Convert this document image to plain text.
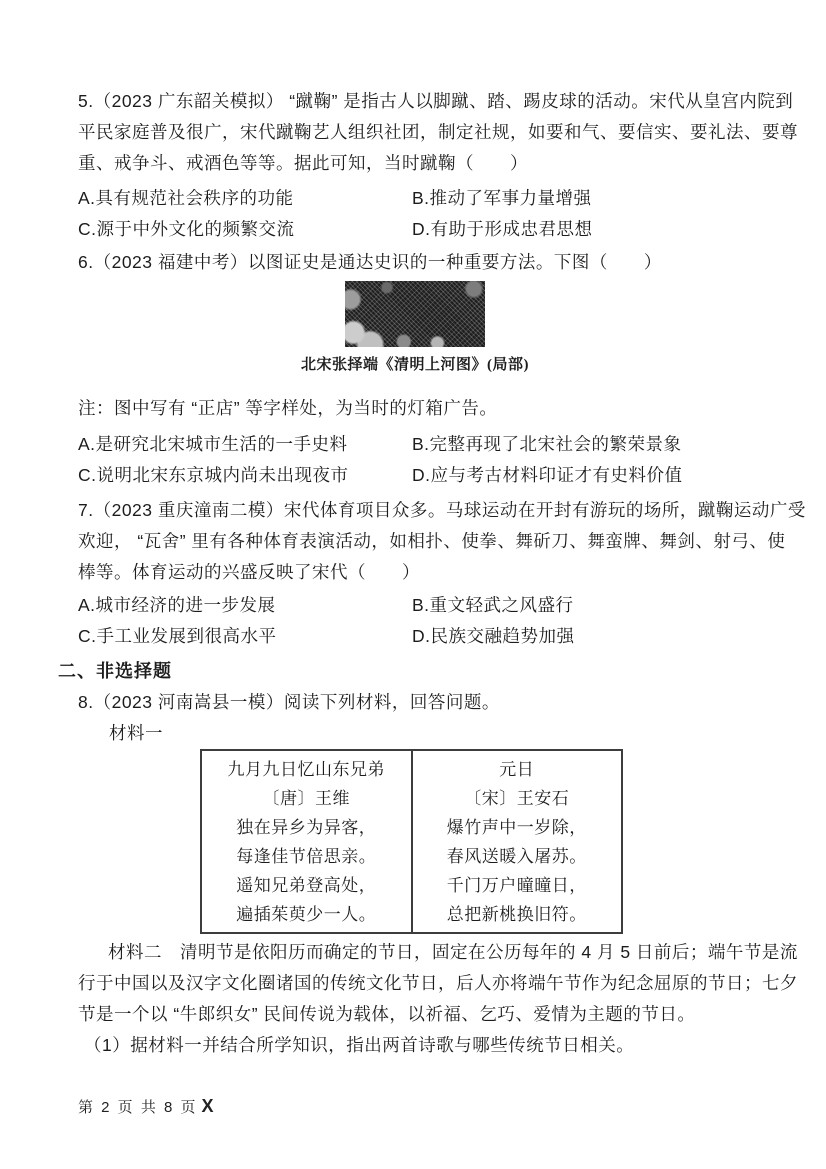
5.（2023 广东韶关模拟） “蹴鞠” 是指古人以脚蹴、踏、踢皮球的活动。宋代从皇宫内院到
平民家庭普及很广，宋代蹴鞠艺人组织社团，制定社规，如要和气、要信实、要礼法、要尊
重、戒争斗、戒酒色等等。据此可知，当时蹴鞠（　　）
A.具有规范社会秩序的功能	B.推动了军事力量增强
C.源于中外文化的频繁交流	D.有助于形成忠君思想
6.（2023 福建中考）以图证史是通达史识的一种重要方法。下图（　　）
北宋张择端《清明上河图》(局部)
注：图中写有 “正店” 等字样处，为当时的灯箱广告。
A.是研究北宋城市生活的一手史料	B.完整再现了北宋社会的繁荣景象
C.说明北宋东京城内尚未出现夜市	D.应与考古材料印证才有史料价值
7.（2023 重庆潼南二模）宋代体育项目众多。马球运动在开封有游玩的场所，蹴鞠运动广受
欢迎， “瓦舍” 里有各种体育表演活动，如相扑、使拳、舞斫刀、舞蛮牌、舞剑、射弓、使
棒等。体育运动的兴盛反映了宋代（　　）
A.城市经济的进一步发展	B.重文轻武之风盛行
C.手工业发展到很高水平	D.民族交融趋势加强
二、非选择题
8.（2023 河南嵩县一模）阅读下列材料，回答问题。
材料一
九月九日忆山东兄弟
〔唐〕王维
独在异乡为异客，
每逢佳节倍思亲。
遥知兄弟登高处，
遍插茱萸少一人。

元日
〔宋〕王安石
爆竹声中一岁除，
春风送暖入屠苏。
千门万户曈曈日，
总把新桃换旧符。
材料二　清明节是依阳历而确定的节日，固定在公历每年的 4 月 5 日前后；端午节是流
行于中国以及汉字文化圈诸国的传统文化节日，后人亦将端午节作为纪念屈原的节日；七夕
节是一个以 “牛郎织女” 民间传说为载体，以祈福、乞巧、爱情为主题的节日。
（1）据材料一并结合所学知识，指出两首诗歌与哪些传统节日相关。
第 2 页 共 8 页 X
